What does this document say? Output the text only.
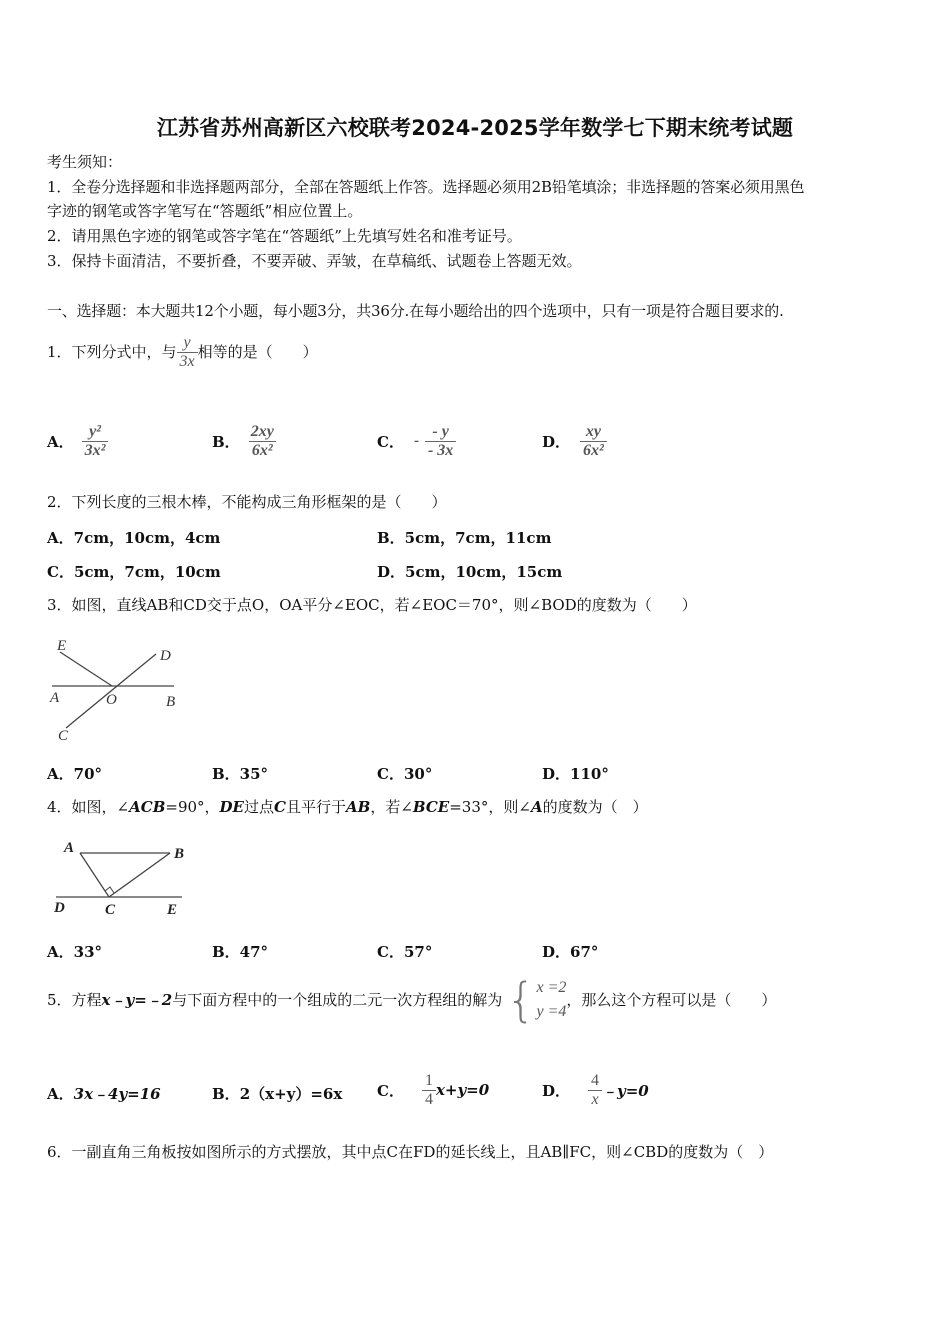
江苏省苏州高新区六校联考2024-2025学年数学七下期末统考试题
考生须知：
1．全卷分选择题和非选择题两部分，全部在答题纸上作答。选择题必须用2B铅笔填涂；非选择题的答案必须用黑色
字迹的钢笔或答字笔写在“答题纸”相应位置上。
2．请用黑色字迹的钢笔或答字笔在“答题纸”上先填写姓名和准考证号。
3．保持卡面清洁，不要折叠，不要弄破、弄皱，在草稿纸、试题卷上答题无效。
一、选择题：本大题共12个小题，每小题3分，共36分.在每小题给出的四个选项中，只有一项是符合题目要求的.
1．下列分式中，与 $\frac{y}{3x}$ 相等的是（　　）
A． $\frac{\text{y²}}{\text{3x²}}$	B． $\frac{2xy}{\text{6x²}}$	C． - $\frac{- y}{- 3x}$	D． $\frac{xy}{\text{6x²}}$
2．下列长度的三根木棒，不能构成三角形框架的是（　　）
A．7cm，10cm，4cm	B．5cm，7cm，11cm
C．5cm，7cm，10cm	D．5cm，10cm，15cm
3．如图，直线AB和CD交于点O，OA平分∠EOC，若∠EOC＝70°，则∠BOD的度数为（　　）
E
D
A	O	B
C
A．70°	B．35°	C．30°	D．110°
4．如图，∠ACB=90°，DE过点C且平行于AB，若∠BCE=33°，则∠A的度数为（　）
A	B
D	C	E
A．33°	B．47°	C．57°	D．67°
5．方程 x﹣y=﹣2 与下面方程中的一个组成的二元一次方程组的解为 { x =2
y =4
，那么这个方程可以是（　　）
A．3x﹣4y=16	B．2（x+y）=6x C． $\frac{1}{4} x+y=0$	D． $\frac{4}{x}$ ﹣y=0
6．一副直角三角板按如图所示的方式摆放，其中点C在FD的延长线上，且AB∥FC，则∠CBD的度数为（　）
